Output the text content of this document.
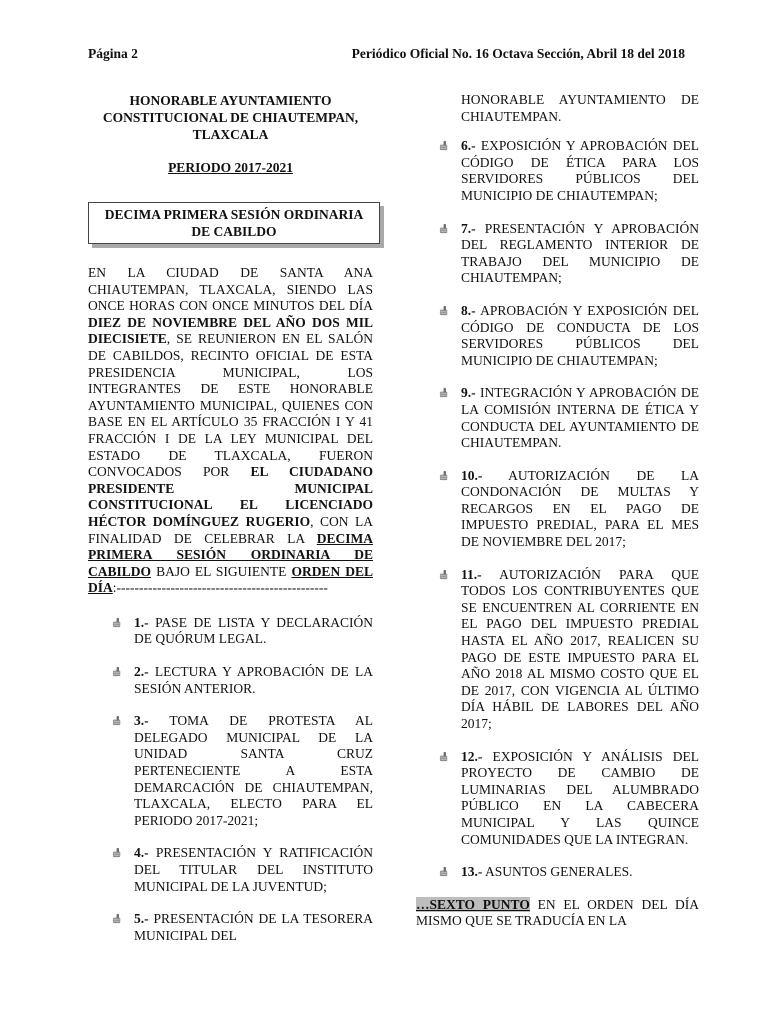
Página 2	Periódico Oficial No. 16 Octava Sección, Abril 18 del 2018
HONORABLE AYUNTAMIENTO
CONSTITUCIONAL DE CHIAUTEMPAN,
TLAXCALA
PERIODO 2017-2021
DECIMA PRIMERA SESIÓN ORDINARIA
DE CABILDO
EN LA CIUDAD DE SANTA ANA CHIAUTEMPAN, TLAXCALA, SIENDO LAS ONCE HORAS CON ONCE MINUTOS DEL DÍA DIEZ DE NOVIEMBRE DEL AÑO DOS MIL DIECISIETE, SE REUNIERON EN EL SALÓN DE CABILDOS, RECINTO OFICIAL DE ESTA PRESIDENCIA MUNICIPAL, LOS INTEGRANTES DE ESTE HONORABLE AYUNTAMIENTO MUNICIPAL, QUIENES CON BASE EN EL ARTÍCULO 35 FRACCIÓN I Y 41 FRACCIÓN I DE LA LEY MUNICIPAL DEL ESTADO DE TLAXCALA, FUERON CONVOCADOS POR EL CIUDADANO PRESIDENTE MUNICIPAL CONSTITUCIONAL EL LICENCIADO HÉCTOR DOMÍNGUEZ RUGERIO, CON LA FINALIDAD DE CELEBRAR LA DECIMA PRIMERA SESIÓN ORDINARIA DE CABILDO BAJO EL SIGUIENTE ORDEN DEL DÍA:-----------------------------------------------
1.- PASE DE LISTA Y DECLARACIÓN DE QUÓRUM LEGAL.
2.- LECTURA Y APROBACIÓN DE LA SESIÓN ANTERIOR.
3.- TOMA DE PROTESTA AL DELEGADO MUNICIPAL DE LA UNIDAD SANTA CRUZ PERTENECIENTE A ESTA DEMARCACIÓN DE CHIAUTEMPAN, TLAXCALA, ELECTO PARA EL PERIODO 2017-2021;
4.- PRESENTACIÓN Y RATIFICACIÓN DEL TITULAR DEL INSTITUTO MUNICIPAL DE LA JUVENTUD;
5.- PRESENTACIÓN DE LA TESORERA MUNICIPAL DEL
HONORABLE AYUNTAMIENTO DE CHIAUTEMPAN.
6.- EXPOSICIÓN Y APROBACIÓN DEL CÓDIGO DE ÉTICA PARA LOS SERVIDORES PÚBLICOS DEL MUNICIPIO DE CHIAUTEMPAN;
7.- PRESENTACIÓN Y APROBACIÓN DEL REGLAMENTO INTERIOR DE TRABAJO DEL MUNICIPIO DE CHIAUTEMPAN;
8.- APROBACIÓN Y EXPOSICIÓN DEL CÓDIGO DE CONDUCTA DE LOS SERVIDORES PÚBLICOS DEL MUNICIPIO DE CHIAUTEMPAN;
9.- INTEGRACIÓN Y APROBACIÓN DE LA COMISIÓN INTERNA DE ÉTICA Y CONDUCTA DEL AYUNTAMIENTO DE CHIAUTEMPAN.
10.- AUTORIZACIÓN DE LA CONDONACIÓN DE MULTAS Y RECARGOS EN EL PAGO DE IMPUESTO PREDIAL, PARA EL MES DE NOVIEMBRE DEL 2017;
11.- AUTORIZACIÓN PARA QUE TODOS LOS CONTRIBUYENTES QUE SE ENCUENTREN AL CORRIENTE EN EL PAGO DEL IMPUESTO PREDIAL HASTA EL AÑO 2017, REALICEN SU PAGO DE ESTE IMPUESTO PARA EL AÑO 2018 AL MISMO COSTO QUE EL DE 2017, CON VIGENCIA AL ÚLTIMO DÍA HÁBIL DE LABORES DEL AÑO 2017;
12.- EXPOSICIÓN Y ANÁLISIS DEL PROYECTO DE CAMBIO DE LUMINARIAS DEL ALUMBRADO PÚBLICO EN LA CABECERA MUNICIPAL Y LAS QUINCE COMUNIDADES QUE LA INTEGRAN.
13.- ASUNTOS GENERALES.
…SEXTO PUNTO EN EL ORDEN DEL DÍA MISMO QUE SE TRADUCÍA EN LA
